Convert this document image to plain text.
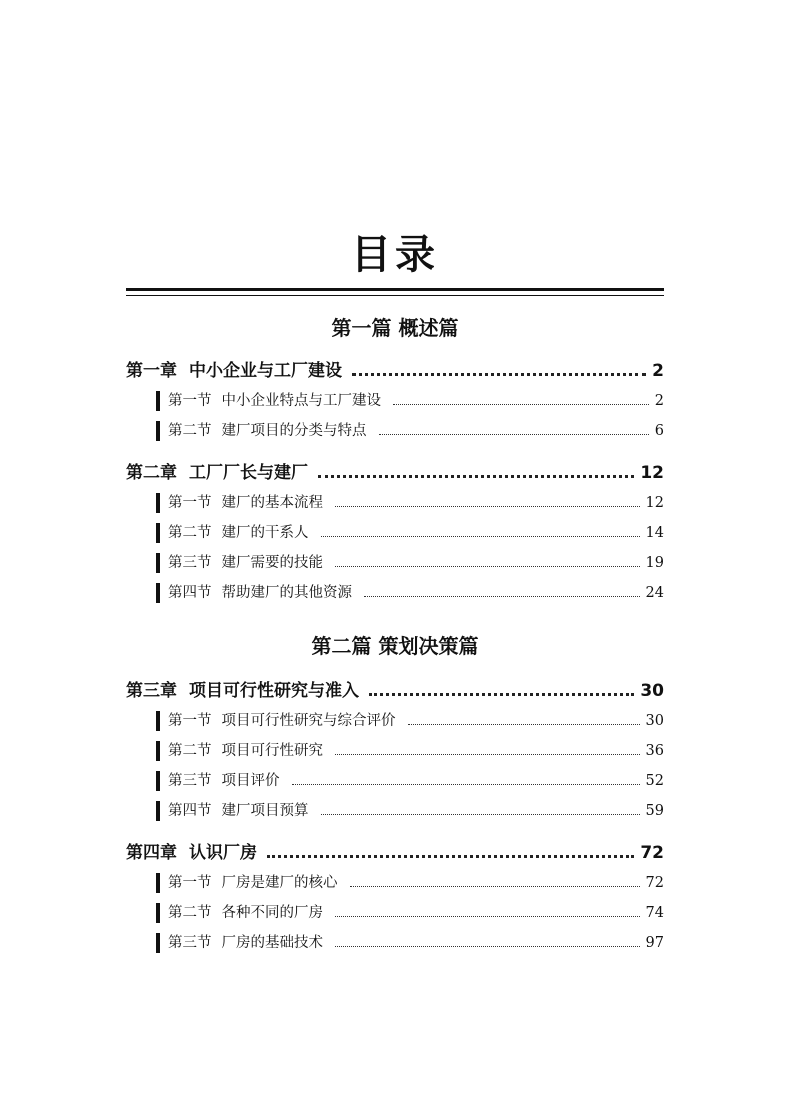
目录
第一篇 概述篇
第一章 中小企业与工厂建设	2
第一节 中小企业特点与工厂建设	2
第二节 建厂项目的分类与特点	6
第二章 工厂厂长与建厂	12
第一节 建厂的基本流程	12
第二节 建厂的干系人	14
第三节 建厂需要的技能	19
第四节 帮助建厂的其他资源	24
第二篇 策划决策篇
第三章 项目可行性研究与准入	30
第一节 项目可行性研究与综合评价	30
第二节 项目可行性研究	36
第三节 项目评价	52
第四节 建厂项目预算	59
第四章 认识厂房	72
第一节 厂房是建厂的核心	72
第二节 各种不同的厂房	74
第三节 厂房的基础技术	97
